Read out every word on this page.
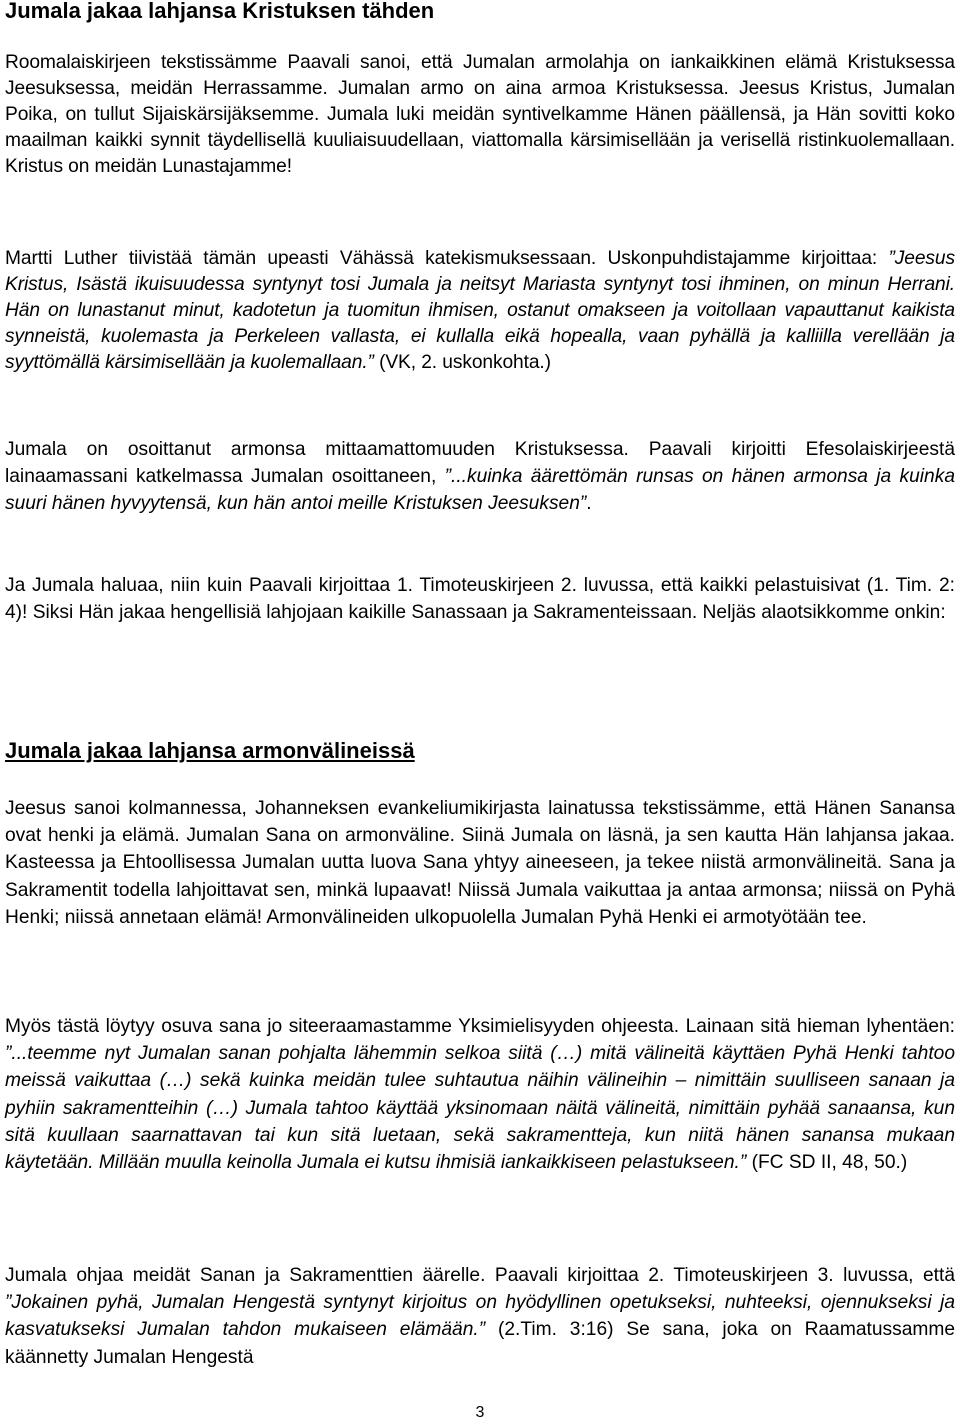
Jumala jakaa lahjansa Kristuksen tähden

Roomalaiskirjeen tekstissämme Paavali sanoi, että Jumalan armolahja on iankaikkinen elämä Kristuksessa Jeesuksessa, meidän Herrassamme. Jumalan armo on aina armoa Kristuksessa. Jeesus Kristus, Jumalan Poika, on tullut Sijaiskärsijäksemme. Jumala luki meidän syntivelkamme Hänen päällensä, ja Hän sovitti koko maailman kaikki synnit täydellisellä kuuliaisuudellaan, viattomalla kärsimisellään ja verisellä ristinkuolemallaan. Kristus on meidän Lunastajamme!

Martti Luther tiivistää tämän upeasti Vähässä katekismuksessaan. Uskonpuhdistajamme kirjoittaa: ”Jeesus Kristus, Isästä ikuisuudessa syntynyt tosi Jumala ja neitsyt Mariasta syntynyt tosi ihminen, on minun Herrani. Hän on lunastanut minut, kadotetun ja tuomitun ihmisen, ostanut omakseen ja voitollaan vapauttanut kaikista synneistä, kuolemasta ja Perkeleen vallasta, ei kullalla eikä hopealla, vaan pyhällä ja kalliilla verellään ja syyttömällä kärsimisellään ja kuolemallaan.” (VK, 2. uskonkohta.)

Jumala on osoittanut armonsa mittaamattomuuden Kristuksessa. Paavali kirjoitti Efesolaiskirjeestä lainaamassani katkelmassa Jumalan osoittaneen, ”...kuinka äärettömän runsas on hänen armonsa ja kuinka suuri hänen hyvyytensä, kun hän antoi meille Kristuksen Jeesuksen”.

Ja Jumala haluaa, niin kuin Paavali kirjoittaa 1. Timoteuskirjeen 2. luvussa, että kaikki pelastuisivat (1. Tim. 2: 4)! Siksi Hän jakaa hengellisiä lahjojaan kaikille Sanassaan ja Sakramenteissaan. Neljäs alaotsikkomme onkin:

Jumala jakaa lahjansa armonvälineissä

Jeesus sanoi kolmannessa, Johanneksen evankeliumikirjasta lainatussa tekstissämme, että Hänen Sanansa ovat henki ja elämä. Jumalan Sana on armonväline. Siinä Jumala on läsnä, ja sen kautta Hän lahjansa jakaa. Kasteessa ja Ehtoollisessa Jumalan uutta luova Sana yhtyy aineeseen, ja tekee niistä armonvälineitä. Sana ja Sakramentit todella lahjoittavat sen, minkä lupaavat! Niissä Jumala vaikuttaa ja antaa armonsa; niissä on Pyhä Henki; niissä annetaan elämä! Armonvälineiden ulkopuolella Jumalan Pyhä Henki ei armotyötään tee.

Myös tästä löytyy osuva sana jo siteeraamastamme Yksimielisyyden ohjeesta. Lainaan sitä hieman lyhentäen: ”...teemme nyt Jumalan sanan pohjalta lähemmin selkoa siitä (…) mitä välineitä käyttäen Pyhä Henki tahtoo meissä vaikuttaa (…) sekä kuinka meidän tulee suhtautua näihin välineihin – nimittäin suulliseen sanaan ja pyhiin sakramentteihin (…) Jumala tahtoo käyttää yksinomaan näitä välineitä, nimittäin pyhää sanaansa, kun sitä kuullaan saarnattavan tai kun sitä luetaan, sekä sakramentteja, kun niitä hänen sanansa mukaan käytetään. Millään muulla keinolla Jumala ei kutsu ihmisiä iankaikkiseen pelastukseen.” (FC SD II, 48, 50.)

Jumala ohjaa meidät Sanan ja Sakramenttien äärelle. Paavali kirjoittaa 2. Timoteuskirjeen 3. luvussa, että ”Jokainen pyhä, Jumalan Hengestä syntynyt kirjoitus on hyödyllinen opetukseksi, nuhteeksi, ojennukseksi ja kasvatukseksi Jumalan tahdon mukaiseen elämään.” (2.Tim. 3:16) Se sana, joka on Raamatussamme käännetty Jumalan Hengestä

3
